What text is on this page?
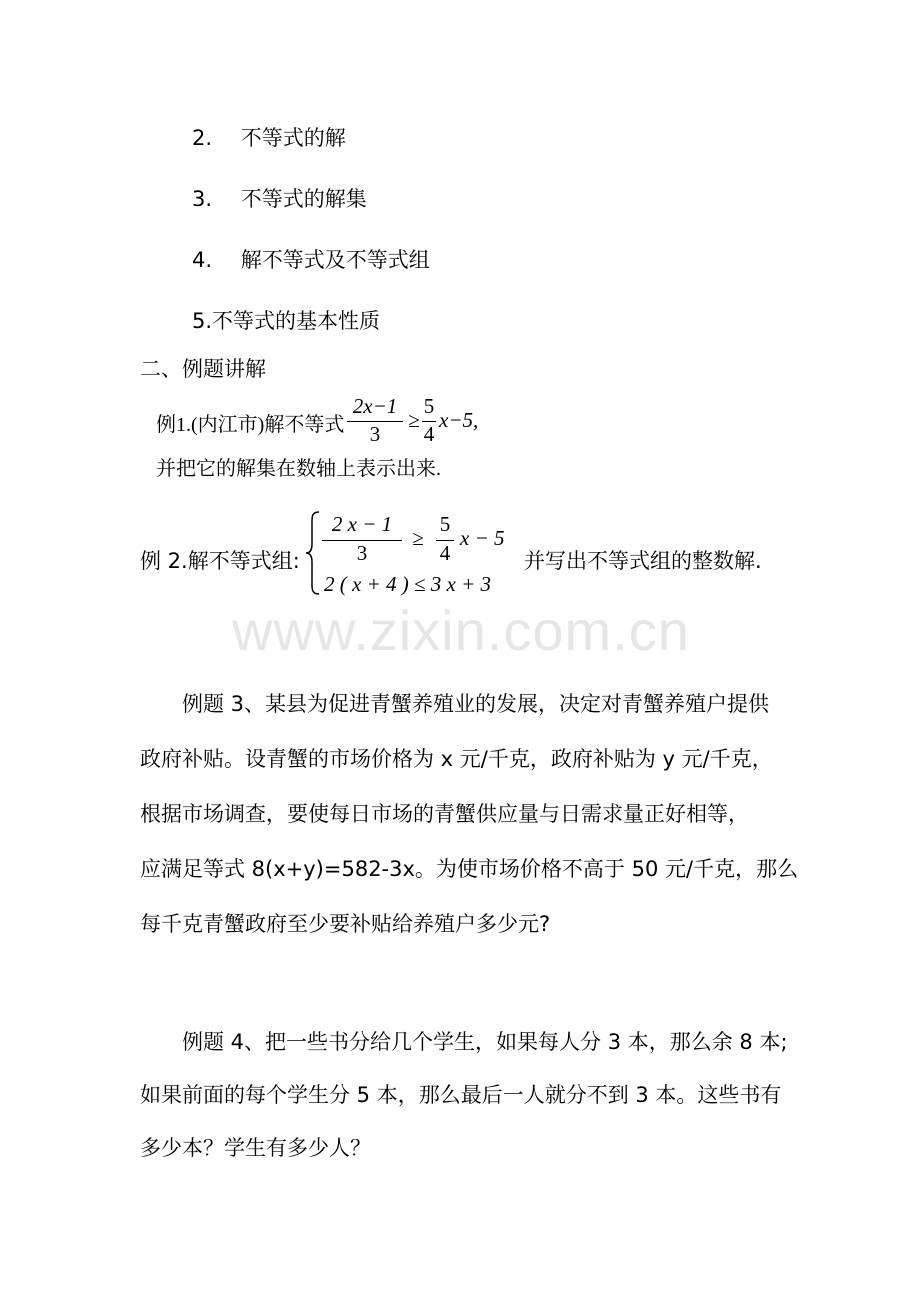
2. 不等式的解
3. 不等式的解集
4. 解不等式及不等式组
5.不等式的基本性质
二、例题讲解
例1.(内江市)解不等式
2x−1
3
≥
5
4
x−5,
并把它的解集在数轴上表示出来.
例 2.解不等式组:
2 x − 1
3
≥
5
4
x − 5
2 ( x + 4 ) ≤ 3 x + 3
并写出不等式组的整数解.
www.zixin.com.cn
　　例题 3、某县为促进青蟹养殖业的发展，决定对青蟹养殖户提供
政府补贴。设青蟹的市场价格为 x 元/千克，政府补贴为 y 元/千克，
根据市场调查，要使每日市场的青蟹供应量与日需求量正好相等，
应满足等式 8(x+y)=582-3x。为使市场价格不高于 50 元/千克，那么
每千克青蟹政府至少要补贴给养殖户多少元?
　　例题 4、把一些书分给几个学生，如果每人分 3 本，那么余 8 本;
如果前面的每个学生分 5 本，那么最后一人就分不到 3 本。这些书有
多少本？学生有多少人？
